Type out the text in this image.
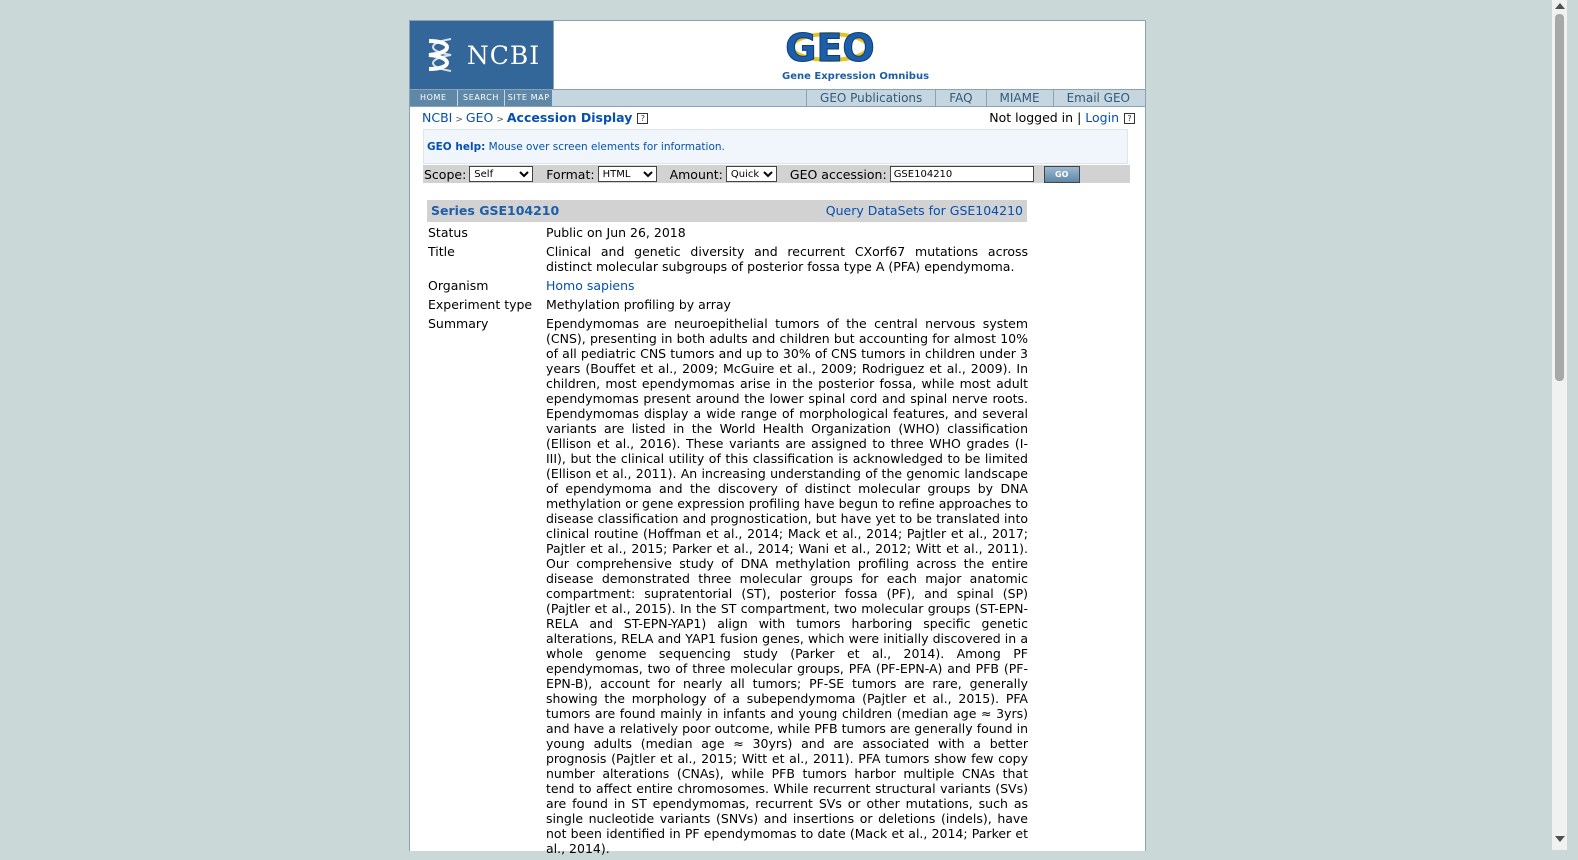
NCBI	GEO
Gene Expression Omnibus
HOME	SEARCH	SITE MAP	GEO Publications	FAQ	MIAME	Email GEO
NCBI > GEO > Accession Display ?	Not logged in | Login ?
GEO help: Mouse over screen elements for information.
Scope:
Self	Format:
HTML	Amount:
Quick	GEO accession:
GSE104210	GO
Series GSE104210	Query DataSets for GSE104210
Status	Public on Jun 26, 2018
Title	Clinical and genetic diversity and recurrent CXorf67 mutations across distinct molecular subgroups of posterior fossa type A (PFA) ependymoma.
Organism	Homo sapiens
Experiment type	Methylation profiling by array
Summary	Ependymomas are neuroepithelial tumors of the central nervous system (CNS), presenting in both adults and children but accounting for almost 10% of all pediatric CNS tumors and up to 30% of CNS tumors in children under 3 years (Bouffet et al., 2009; McGuire et al., 2009; Rodriguez et al., 2009). In children, most ependymomas arise in the posterior fossa, while most adult ependymomas present around the lower spinal cord and spinal nerve roots. Ependymomas display a wide range of morphological features, and several variants are listed in the World Health Organization (WHO) classification (Ellison et al., 2016). These variants are assigned to three WHO grades (I-III), but the clinical utility of this classification is acknowledged to be limited (Ellison et al., 2011). An increasing understanding of the genomic landscape of ependymoma and the discovery of distinct molecular groups by DNA methylation or gene expression profiling have begun to refine approaches to disease classification and prognostication, but have yet to be translated into clinical routine (Hoffman et al., 2014; Mack et al., 2014; Pajtler et al., 2017; Pajtler et al., 2015; Parker et al., 2014; Wani et al., 2012; Witt et al., 2011). Our comprehensive study of DNA methylation profiling across the entire disease demonstrated three molecular groups for each major anatomic compartment: supratentorial (ST), posterior fossa (PF), and spinal (SP) (Pajtler et al., 2015). In the ST compartment, two molecular groups (ST-EPN-RELA and ST-EPN-YAP1) align with tumors harboring specific genetic alterations, RELA and YAP1 fusion genes, which were initially discovered in a whole genome sequencing study (Parker et al., 2014). Among PF ependymomas, two of three molecular groups, PFA (PF-EPN-A) and PFB (PF-EPN-B), account for nearly all tumors; PF-SE tumors are rare, generally showing the morphology of a subependymoma (Pajtler et al., 2015). PFA tumors are found mainly in infants and young children (median age ≈ 3yrs) and have a relatively poor outcome, while PFB tumors are generally found in young adults (median age ≈ 30yrs) and are associated with a better prognosis (Pajtler et al., 2015; Witt et al., 2011). PFA tumors show few copy number alterations (CNAs), while PFB tumors harbor multiple CNAs that tend to affect entire chromosomes. While recurrent structural variants (SVs) are found in ST ependymomas, recurrent SVs or other mutations, such as single nucleotide variants (SNVs) and insertions or deletions (indels), have not been identified in PF ependymomas to date (Mack et al., 2014; Parker et al., 2014).
